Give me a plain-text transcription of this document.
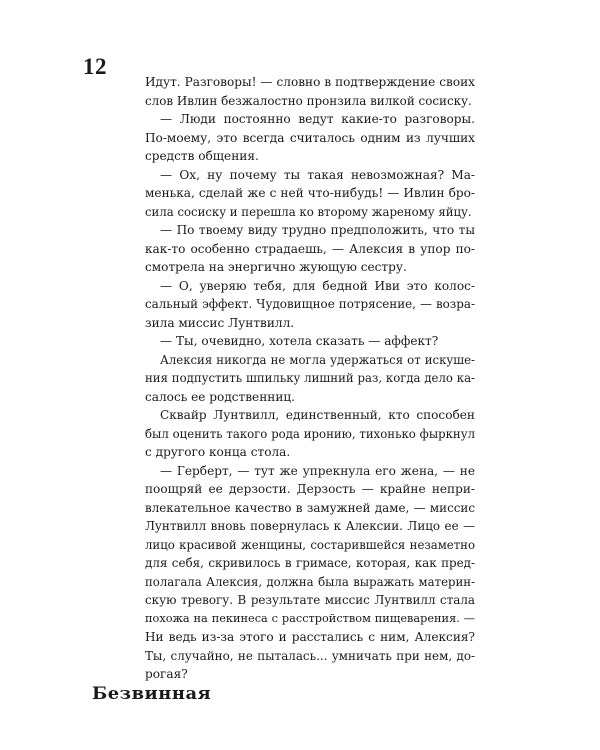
12
Идут. Разговоры! — словно в подтверждение своих
слов Ивлин безжалостно пронзила вилкой сосиску.
— Люди постоянно ведут какие-то разговоры.
По-моему, это всегда считалось одним из лучших
средств общения.
— Ох, ну почему ты такая невозможная? Ма-
менька, сделай же с ней что-нибудь! — Ивлин бро-
сила сосиску и перешла ко второму жареному яйцу.
— По твоему виду трудно предположить, что ты
как-то особенно страдаешь, — Алексия в упор по-
смотрела на энергично жующую сестру.
— О, уверяю тебя, для бедной Иви это колос-
сальный эффект. Чудовищное потрясение, — возра-
зила миссис Лунтвилл.
— Ты, очевидно, хотела сказать — аффект?
Алексия никогда не могла удержаться от искуше-
ния подпустить шпильку лишний раз, когда дело ка-
салось ее родственниц.
Сквайр Лунтвилл, единственный, кто способен
был оценить такого рода иронию, тихонько фыркнул
с другого конца стола.
— Герберт, — тут же упрекнула его жена, — не
поощряй ее дерзости. Дерзость — крайне непри-
влекательное качество в замужней даме, — миссис
Лунтвилл вновь повернулась к Алексии. Лицо ее —
лицо красивой женщины, состарившейся незаметно
для себя, скривилось в гримасе, которая, как пред-
полагала Алексия, должна была выражать материн-
скую тревогу. В результате миссис Лунтвилл стала
похожа на пекинеса с расстройством пищеварения. —
Ни ведь из-за этого и расстались с ним, Алексия?
Ты, случайно, не пыталась... умничать при нем, до-
рогая?
Безвинная
